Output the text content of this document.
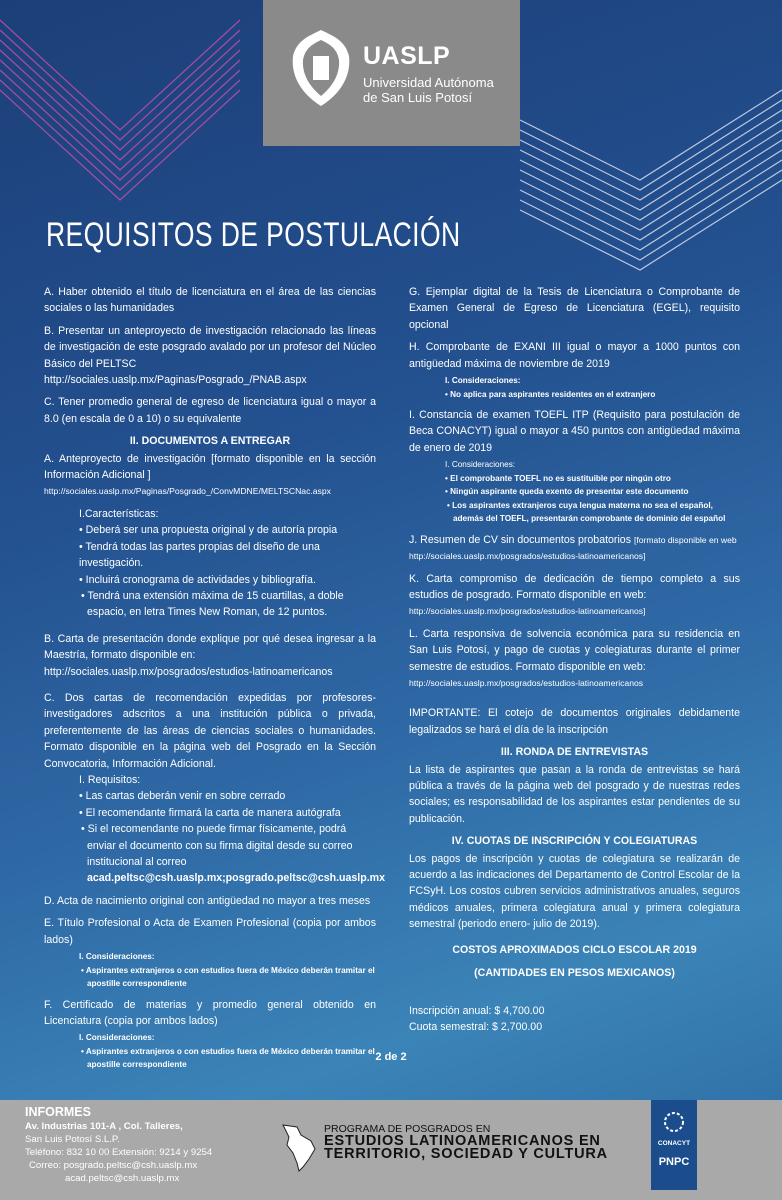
UASLP
Universidad Autónoma
de San Luis Potosí
REQUISITOS DE POSTULACIÓN
A. Haber obtenido el título de licenciatura en el área de las ciencias sociales o las humanidades
B. Presentar un anteproyecto de investigación relacionado las líneas de investigación de este posgrado avalado por un profesor del Núcleo Básico del PELTSC
http://sociales.uaslp.mx/Paginas/Posgrado_/PNAB.aspx
C. Tener promedio general de egreso de licenciatura igual o mayor a 8.0 (en escala de 0 a 10) o su equivalente
II. DOCUMENTOS A ENTREGAR
A. Anteproyecto de investigación [formato disponible en la sección Información Adicional ]
http://sociales.uaslp.mx/Paginas/Posgrado_/ConvMDNE/MELTSCNac.aspx
I.Características:
• Deberá ser una propuesta original y de autoría propia
• Tendrá todas las partes propias del diseño de una investigación.
• Incluirá cronograma de actividades y bibliografía.
• Tendrá una extensión máxima de 15 cuartillas, a doble espacio, en letra Times New Roman, de 12 puntos.
B. Carta de presentación donde explique por qué desea ingresar a la Maestría, formato disponible en:
http://sociales.uaslp.mx/posgrados/estudios-latinoamericanos
C. Dos cartas de recomendación expedidas por profesores-investigadores adscritos a una institución pública o privada, preferentemente de las áreas de ciencias sociales o humanidades. Formato disponible en la página web del Posgrado en la Sección Convocatoria, Información Adicional.
I. Requisitos:
• Las cartas deberán venir en sobre cerrado
• El recomendante firmará la carta de manera autógrafa
• Si el recomendante no puede firmar físicamente, podrá enviar el documento con su firma digital desde su correo institucional al correo acad.peltsc@csh.uaslp.mx;posgrado.peltsc@csh.uaslp.mx
D. Acta de nacimiento original con antigüedad no mayor a tres meses
E. Título Profesional o Acta de Examen Profesional (copia por ambos lados)
I. Consideraciones:
• Aspirantes extranjeros o con estudios fuera de México deberán tramitar el apostille correspondiente
F. Certificado de materias y promedio general obtenido en Licenciatura (copia por ambos lados)
I. Consideraciones:
• Aspirantes extranjeros o con estudios fuera de México deberán tramitar el apostille correspondiente
G. Ejemplar digital de la Tesis de Licenciatura o Comprobante de Examen General de Egreso de Licenciatura (EGEL), requisito opcional
H. Comprobante de EXANI III igual o mayor a 1000 puntos con antigüedad máxima de noviembre de 2019
I. Consideraciones:
• No aplica para aspirantes residentes en el extranjero
I. Constancia de examen TOEFL ITP (Requisito para postulación de Beca CONACYT) igual o mayor a 450 puntos con antigüedad máxima de enero de 2019
I. Consideraciones:
• El comprobante TOEFL no es sustituible por ningún otro
• Ningún aspirante queda exento de presentar este documento
• Los aspirantes extranjeros cuya lengua materna no sea el español, además del TOEFL, presentarán comprobante de dominio del español
J. Resumen de CV sin documentos probatorios [formato disponible en web http://sociales.uaslp.mx/posgrados/estudios-latinoamericanos]
K. Carta compromiso de dedicación de tiempo completo a sus estudios de posgrado. Formato disponible en web:
http://sociales.uaslp.mx/posgrados/estudios-latinoamericanos]
L. Carta responsiva de solvencia económica para su residencia en San Luis Potosí, y pago de cuotas y colegiaturas durante el primer semestre de estudios. Formato disponible en web:
http://sociales.uaslp.mx/posgrados/estudios-latinoamericanos
IMPORTANTE: El cotejo de documentos originales debidamente legalizados se hará el día de la inscripción
III. RONDA DE ENTREVISTAS
La lista de aspirantes que pasan a la ronda de entrevistas se hará pública a través de la página web del posgrado y de nuestras redes sociales; es responsabilidad de los aspirantes estar pendientes de su publicación.
IV. CUOTAS DE INSCRIPCIÓN Y COLEGIATURAS
Los pagos de inscripción y cuotas de colegiatura se realizarán de acuerdo a las indicaciones del Departamento de Control Escolar de la FCSyH. Los costos cubren servicios administrativos anuales, seguros médicos anuales, primera colegiatura anual y primera colegiatura semestral (periodo enero- julio de 2019).
COSTOS APROXIMADOS CICLO ESCOLAR 2019 (CANTIDADES EN PESOS MEXICANOS)
Inscripción anual: $ 4,700.00
Cuota semestral: $ 2,700.00
2 de 2
INFORMES
Av. Industrias 101-A , Col. Talleres,
San Luis Potosí S.L.P.
Teléfono: 832 10 00 Extensión: 9214 y 9254
Correo: posgrado.peltsc@csh.uaslp.mx
acad.peltsc@csh.uaslp.mx
PROGRAMA DE POSGRADOS EN
ESTUDIOS LATINOAMERICANOS EN
TERRITORIO, SOCIEDAD Y CULTURA
CONACYT
PNPC
